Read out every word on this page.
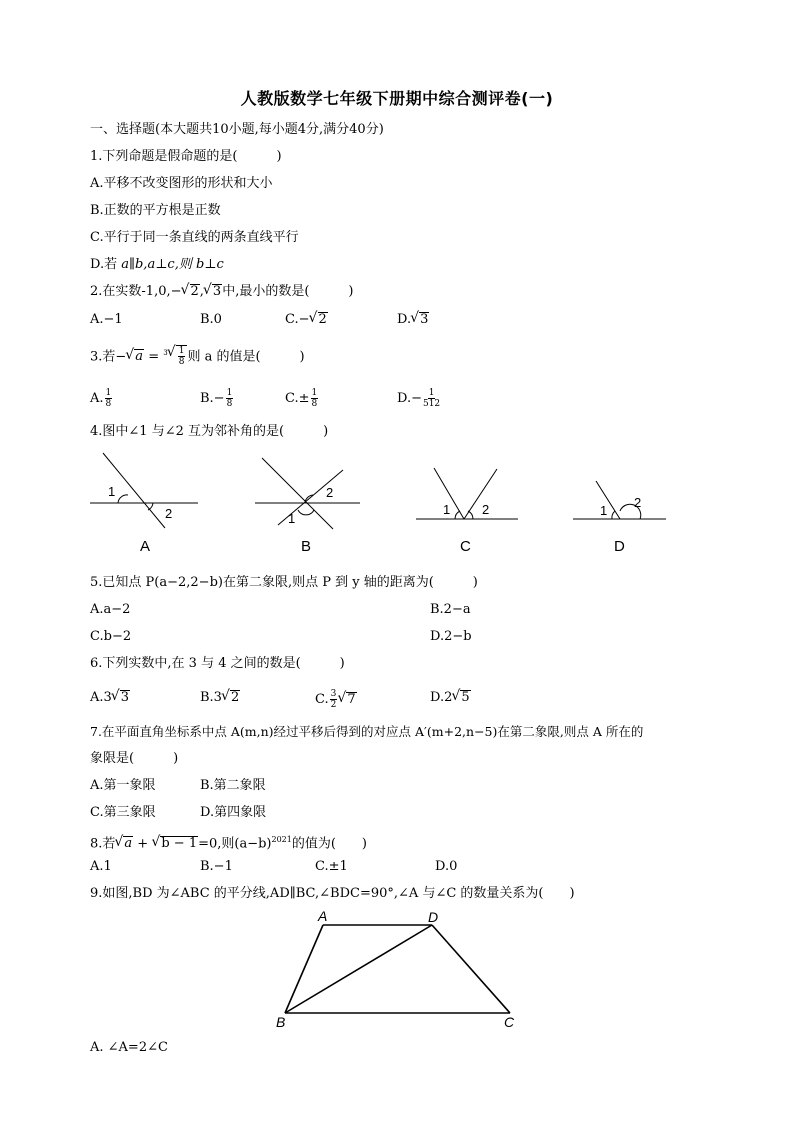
人教版数学七年级下册期中综合测评卷(一)
一、选择题(本大题共10小题,每小题4分,满分40分)
1.下列命题是假命题的是(　　　)
A.平移不改变图形的形状和大小
B.正数的平方根是正数
C.平行于同一条直线的两条直线平行
D.若 a∥b,a⊥c,则 b⊥c
2.在实数-1,0,− √ 2, √ 3中,最小的数是(　　　)
A.−1	B.0	C.− √ 2	D. √ 3
3.若− √ a = $^3$ √ $\frac{1}{8}$ 则 a 的值是(　　　)
A. $\frac{1}{8}$	$B.- \frac{1}{8}$	$C.\pm \frac{1}{8}$	$D.- \frac{1}{512}$
4.图中∠1 与∠2 互为邻补角的是(　　　)
1
2
2
1
1 2	1
2
A	B	C	D
5.已知点 P(a−2,2−b)在第二象限,则点 P 到 y 轴的距离为(　　　)
A.a−2	B.2−a
C.b−2	D.2−b
6.下列实数中,在 3 与 4 之间的数是(　　　)
A.3 √ 3	B.3 √ 2	C. $\frac{3}{2}$ √ 7	D.2 √ 5
7.在平面直角坐标系中点 A(m,n)经过平移后得到的对应点 A′(m+2,n−5)在第二象限,则点 A 所在的
象限是(　　　)
A.第一象限	B.第二象限
C.第三象限	D.第四象限
8.若 √ a + √ b − 1=0,则$(a-b)^{2021}$的值为(　　)
A.1	B.−1	C.±1	D.0
9.如图,BD 为∠ABC 的平分线,AD∥BC,∠BDC=90°,∠A 与∠C 的数量关系为(　　)
A	D
B	C
A. ∠A=2∠C
